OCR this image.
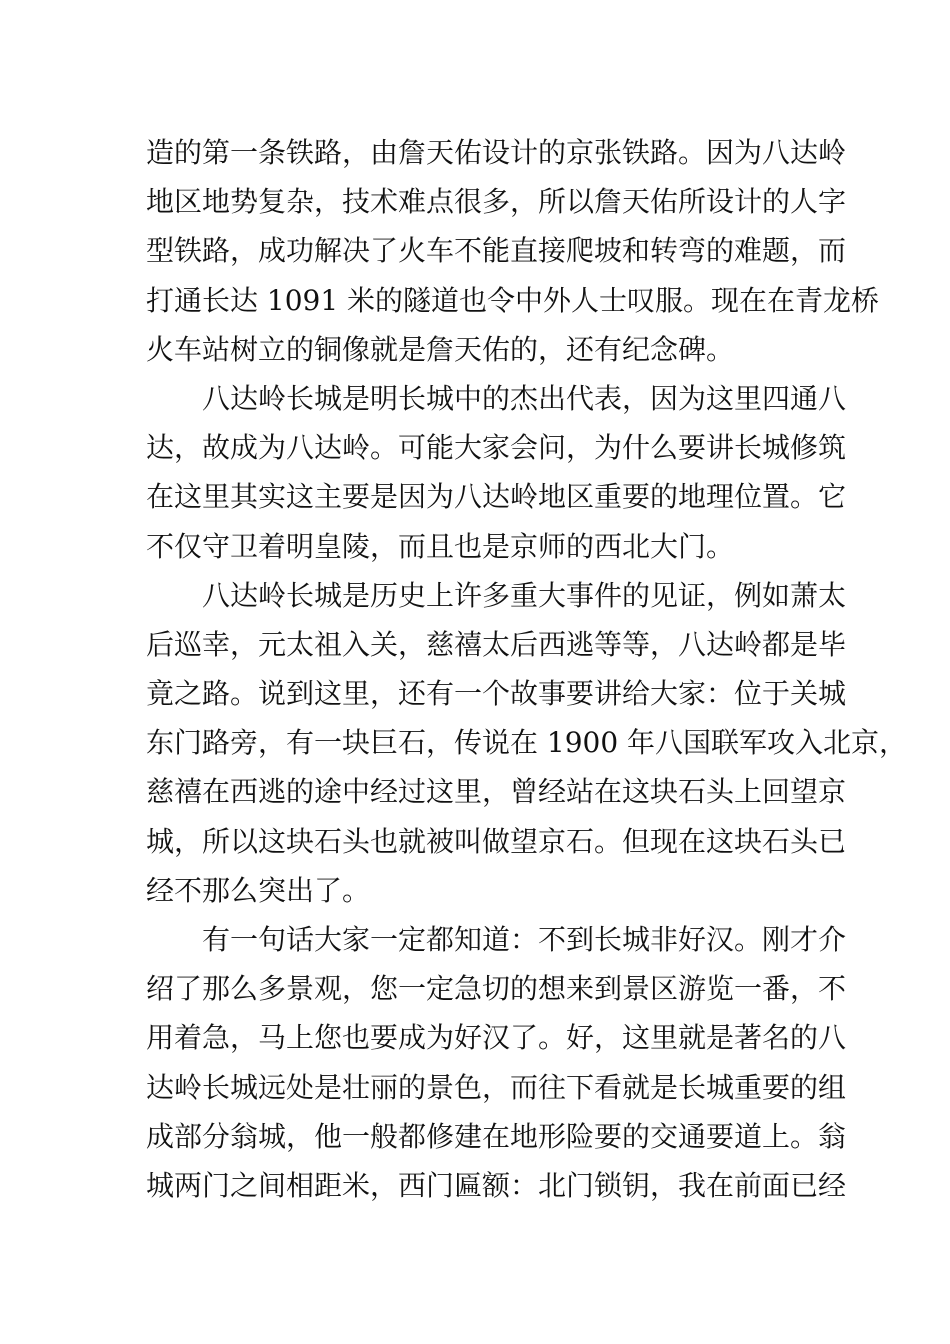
造的第一条铁路，由詹天佑设计的京张铁路。因为八达岭
地区地势复杂，技术难点很多，所以詹天佑所设计的人字
型铁路，成功解决了火车不能直接爬坡和转弯的难题，而
打通长达 1091 米的隧道也令中外人士叹服。现在在青龙桥
火车站树立的铜像就是詹天佑的，还有纪念碑。
八达岭长城是明长城中的杰出代表，因为这里四通八
达，故成为八达岭。可能大家会问，为什么要讲长城修筑
在这里其实这主要是因为八达岭地区重要的地理位置。它
不仅守卫着明皇陵，而且也是京师的西北大门。
八达岭长城是历史上许多重大事件的见证，例如萧太
后巡幸，元太祖入关，慈禧太后西逃等等，八达岭都是毕
竟之路。说到这里，还有一个故事要讲给大家：位于关城
东门路旁，有一块巨石，传说在 1900 年八国联军攻入北京，
慈禧在西逃的途中经过这里，曾经站在这块石头上回望京
城，所以这块石头也就被叫做望京石。但现在这块石头已
经不那么突出了。
有一句话大家一定都知道：不到长城非好汉。刚才介
绍了那么多景观，您一定急切的想来到景区游览一番，不
用着急，马上您也要成为好汉了。好，这里就是著名的八
达岭长城远处是壮丽的景色，而往下看就是长城重要的组
成部分翁城，他一般都修建在地形险要的交通要道上。翁
城两门之间相距米，西门匾额：北门锁钥，我在前面已经
